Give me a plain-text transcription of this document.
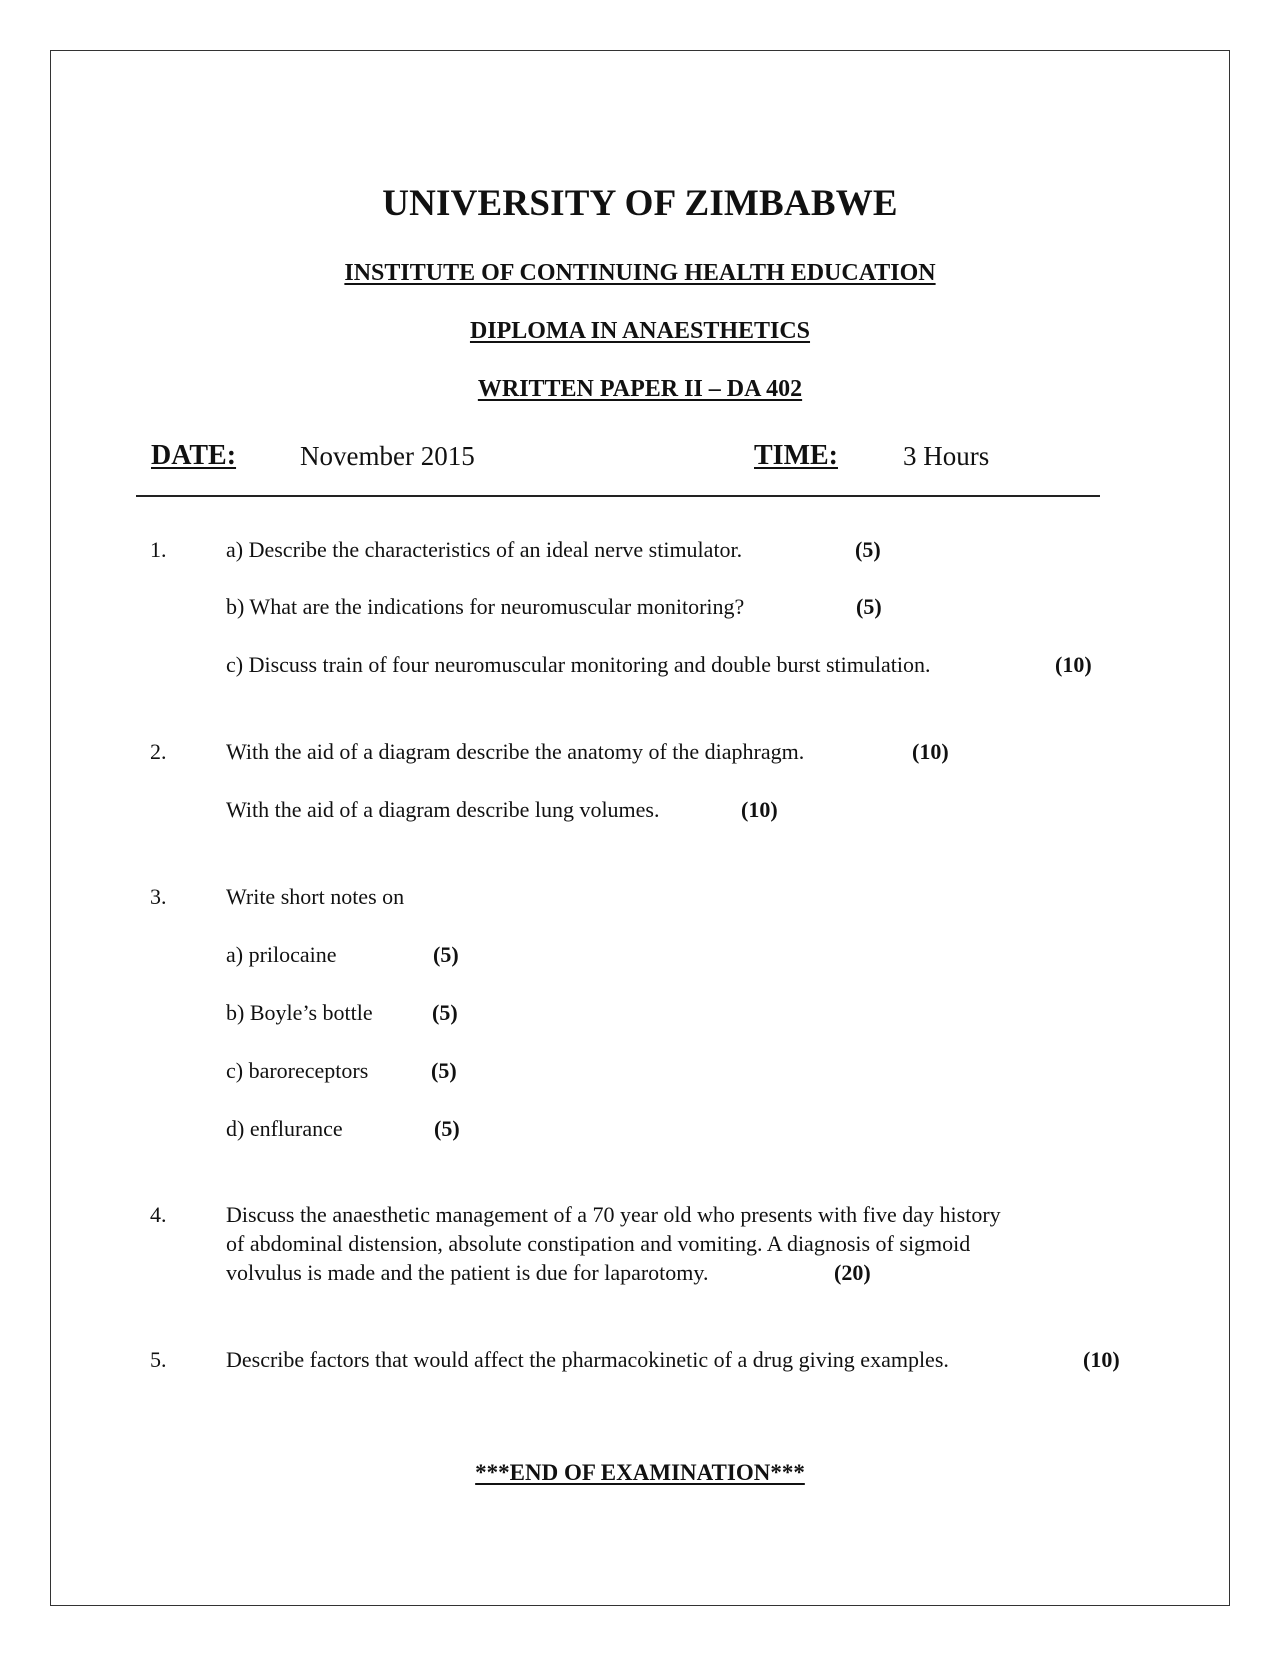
UNIVERSITY OF ZIMBABWE
INSTITUTE OF CONTINUING HEALTH EDUCATION
DIPLOMA IN ANAESTHETICS
WRITTEN PAPER II – DA 402
DATE: November 2015	TIME: 3 Hours
1.	a) Describe the characteristics of an ideal nerve stimulator.	(5)
b) What are the indications for neuromuscular monitoring?	(5)
c) Discuss train of four neuromuscular monitoring and double burst stimulation.	(10)
2.	With the aid of a diagram describe the anatomy of the diaphragm.	(10)
With the aid of a diagram describe lung volumes.	(10)
3.	Write short notes on
a) prilocaine	(5)
b) Boyle’s bottle	(5)
c) baroreceptors	(5)
d) enflurance	(5)
4.	Discuss the anaesthetic management of a 70 year old who presents with five day history
of abdominal distension, absolute constipation and vomiting. A diagnosis of sigmoid
volvulus is made and the patient is due for laparotomy.	(20)
5.	Describe factors that would affect the pharmacokinetic of a drug giving examples.	(10)
***END OF EXAMINATION***
